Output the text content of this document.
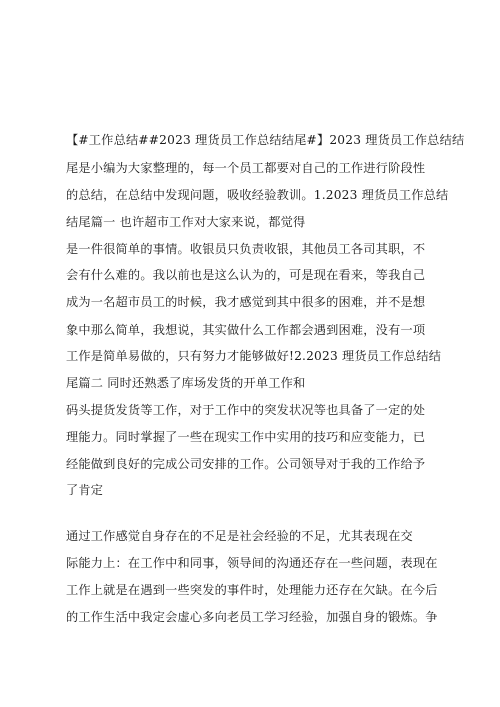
【#工作总结##2023 理货员工作总结结尾#】2023 理货员工作总结结
尾是小编为大家整理的，每一个员工都要对自己的工作进行阶段性
的总结，在总结中发现问题，吸收经验教训。1.2023 理货员工作总结
结尾篇一 也许超市工作对大家来说，都觉得
是一件很简单的事情。收银员只负责收银，其他员工各司其职，不
会有什么难的。我以前也是这么认为的，可是现在看来，等我自己
成为一名超市员工的时候，我才感觉到其中很多的困难，并不是想
象中那么简单，我想说，其实做什么工作都会遇到困难，没有一项
工作是简单易做的，只有努力才能够做好!2.2023 理货员工作总结结
尾篇二 同时还熟悉了库场发货的开单工作和
码头提货发货等工作，对于工作中的突发状况等也具备了一定的处
理能力。同时掌握了一些在现实工作中实用的技巧和应变能力，已
经能做到良好的完成公司安排的工作。公司领导对于我的工作给予
了肯定
通过工作感觉自身存在的不足是社会经验的不足，尤其表现在交
际能力上：在工作中和同事，领导间的沟通还存在一些问题，表现在
工作上就是在遇到一些突发的事件时，处理能力还存在欠缺。在今后
的工作生活中我定会虚心多向老员工学习经验，加强自身的锻炼。争
